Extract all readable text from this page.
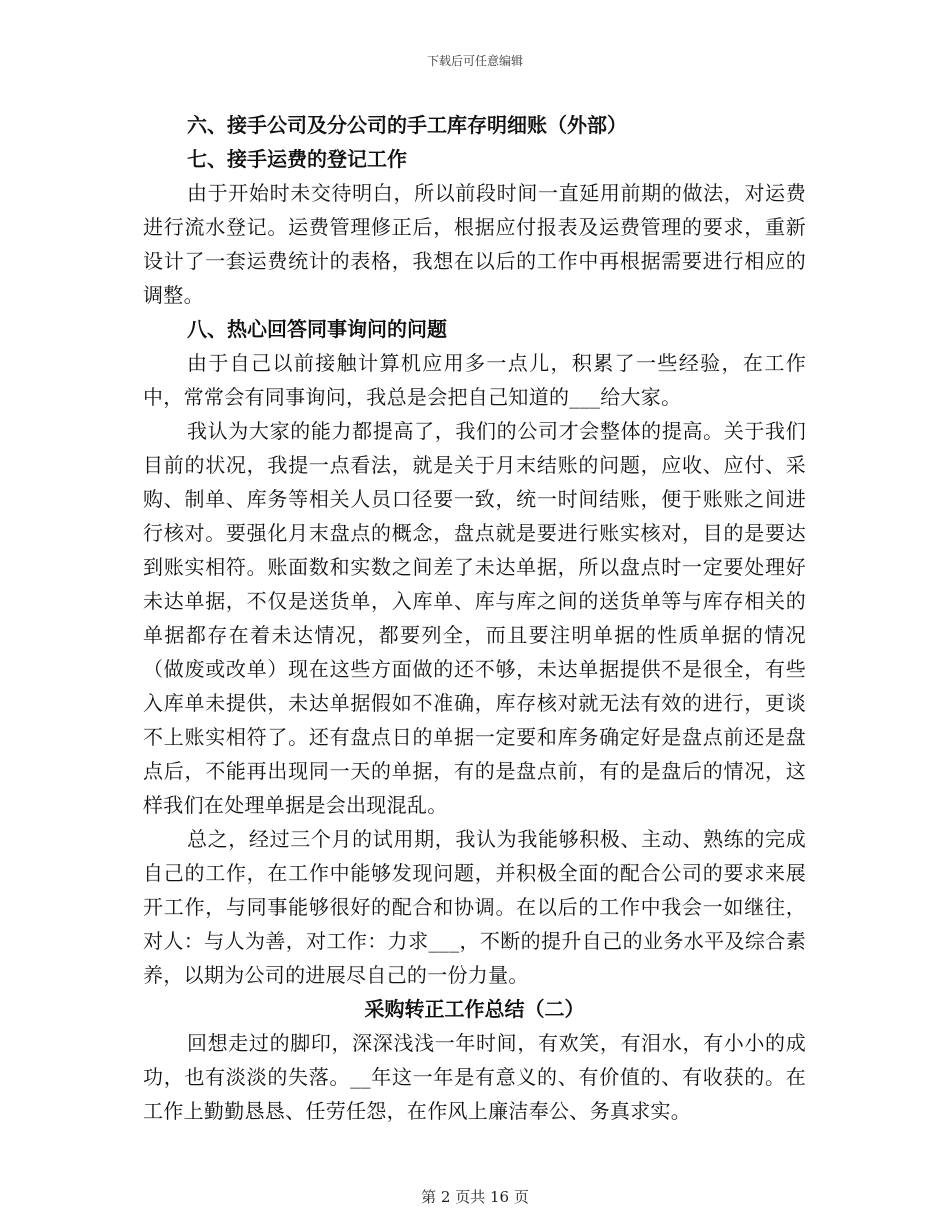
下载后可任意编辑

六、接手公司及分公司的手工库存明细账（外部）

七、接手运费的登记工作

由于开始时未交待明白，所以前段时间一直延用前期的做法，对运费进行流水登记。运费管理修正后，根据应付报表及运费管理的要求，重新设计了一套运费统计的表格，我想在以后的工作中再根据需要进行相应的调整。

八、热心回答同事询问的问题

由于自己以前接触计算机应用多一点儿，积累了一些经验，在工作中，常常会有同事询问，我总是会把自己知道的___给大家。

我认为大家的能力都提高了，我们的公司才会整体的提高。关于我们目前的状况，我提一点看法，就是关于月末结账的问题，应收、应付、采购、制单、库务等相关人员口径要一致，统一时间结账，便于账账之间进行核对。要强化月末盘点的概念，盘点就是要进行账实核对，目的是要达到账实相符。账面数和实数之间差了未达单据，所以盘点时一定要处理好未达单据，不仅是送货单，入库单、库与库之间的送货单等与库存相关的单据都存在着未达情况，都要列全，而且要注明单据的性质单据的情况（做废或改单）现在这些方面做的还不够，未达单据提供不是很全，有些入库单未提供，未达单据假如不准确，库存核对就无法有效的进行，更谈不上账实相符了。还有盘点日的单据一定要和库务确定好是盘点前还是盘点后，不能再出现同一天的单据，有的是盘点前，有的是盘后的情况，这样我们在处理单据是会出现混乱。

总之，经过三个月的试用期，我认为我能够积极、主动、熟练的完成自己的工作，在工作中能够发现问题，并积极全面的配合公司的要求来展开工作，与同事能够很好的配合和协调。在以后的工作中我会一如继往，对人：与人为善，对工作：力求___，不断的提升自己的业务水平及综合素养，以期为公司的进展尽自己的一份力量。

采购转正工作总结（二）

回想走过的脚印，深深浅浅一年时间，有欢笑，有泪水，有小小的成功，也有淡淡的失落。__年这一年是有意义的、有价值的、有收获的。在工作上勤勤恳恳、任劳任怨，在作风上廉洁奉公、务真求实。

第 2 页共 16 页
